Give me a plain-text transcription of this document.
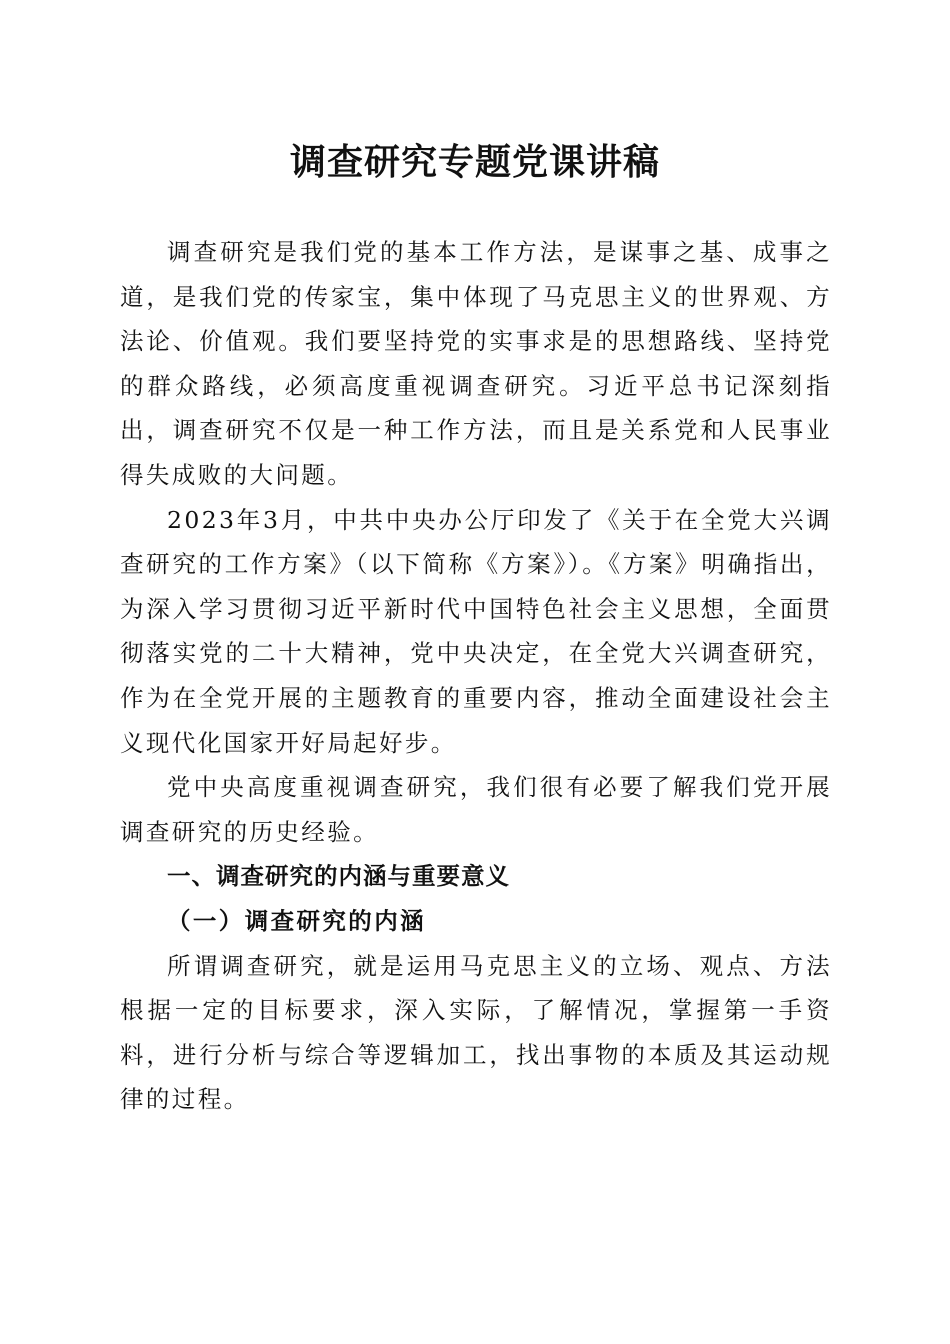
调查研究专题党课讲稿

调查研究是我们党的基本工作方法，是谋事之基、成事之道，是我们党的传家宝，集中体现了马克思主义的世界观、方法论、价值观。我们要坚持党的实事求是的思想路线、坚持党的群众路线，必须高度重视调查研究。习近平总书记深刻指出，调查研究不仅是一种工作方法，而且是关系党和人民事业得失成败的大问题。

2023年3月，中共中央办公厅印发了《关于在全党大兴调查研究的工作方案》（以下简称《方案》）。《方案》明确指出，为深入学习贯彻习近平新时代中国特色社会主义思想，全面贯彻落实党的二十大精神，党中央决定，在全党大兴调查研究，作为在全党开展的主题教育的重要内容，推动全面建设社会主义现代化国家开好局起好步。

党中央高度重视调查研究，我们很有必要了解我们党开展调查研究的历史经验。

一、调查研究的内涵与重要意义

（一）调查研究的内涵

所谓调查研究，就是运用马克思主义的立场、观点、方法根据一定的目标要求，深入实际，了解情况，掌握第一手资料，进行分析与综合等逻辑加工，找出事物的本质及其运动规律的过程。
